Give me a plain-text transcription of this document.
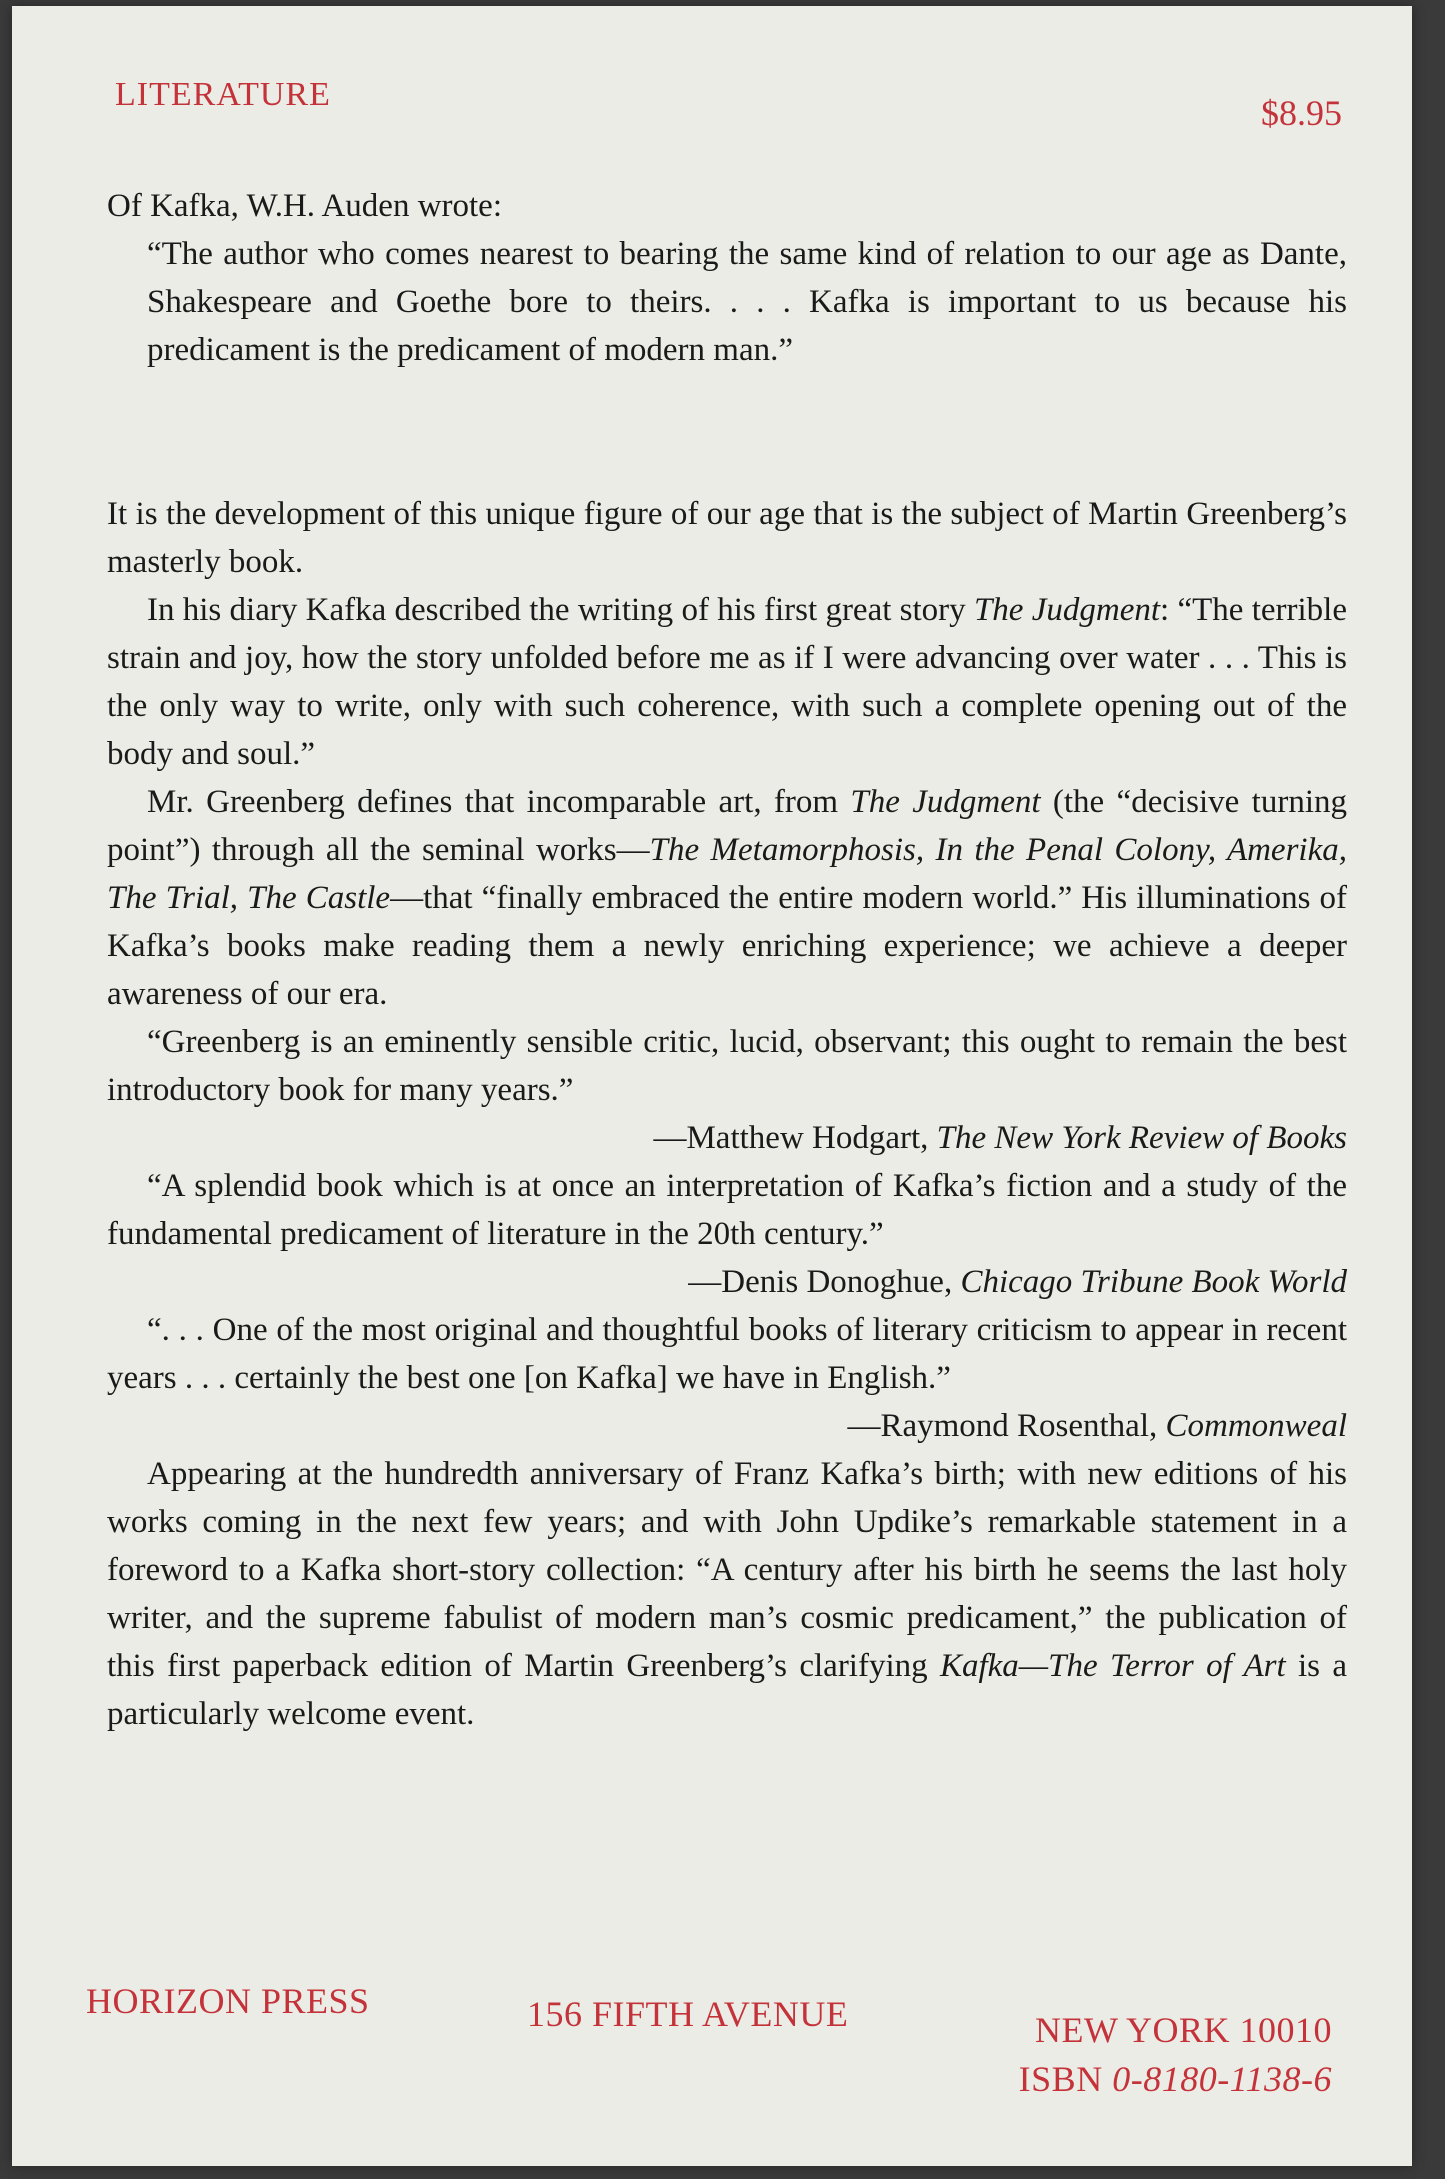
LITERATURE	$8.95

Of Kafka, W.H. Auden wrote:

“The author who comes nearest to bearing the same kind of relation to our age as Dante, Shakespeare and Goethe bore to theirs. . . . Kafka is important to us because his predicament is the predicament of modern man.”

It is the development of this unique figure of our age that is the subject of Martin Greenberg’s masterly book.

In his diary Kafka described the writing of his first great story The Judgment: “The terrible strain and joy, how the story unfolded before me as if I were advancing over water . . . This is the only way to write, only with such coherence, with such a complete opening out of the body and soul.”

Mr. Greenberg defines that incomparable art, from The Judgment (the “decisive turning point”) through all the seminal works—The Metamorphosis, In the Penal Colony, Amerika, The Trial, The Castle—that “finally embraced the entire modern world.” His illuminations of Kafka’s books make reading them a newly enriching experience; we achieve a deeper awareness of our era.

“Greenberg is an eminently sensible critic, lucid, observant; this ought to remain the best introductory book for many years.”

—Matthew Hodgart, The New York Review of Books

“A splendid book which is at once an interpretation of Kafka’s fiction and a study of the fundamental predicament of literature in the 20th century.”

—Denis Donoghue, Chicago Tribune Book World

“. . . One of the most original and thoughtful books of literary criticism to appear in recent years . . . certainly the best one [on Kafka] we have in English.”

—Raymond Rosenthal, Commonweal

Appearing at the hundredth anniversary of Franz Kafka’s birth; with new editions of his works coming in the next few years; and with John Updike’s remarkable statement in a foreword to a Kafka short-story collection: “A century after his birth he seems the last holy writer, and the supreme fabulist of modern man’s cosmic predicament,” the publication of this first paperback edition of Martin Greenberg’s clarifying Kafka—The Terror of Art is a particularly welcome event.

HORIZON PRESS	156 FIFTH AVENUE	NEW YORK 10010
ISBN 0-8180-1138-6
